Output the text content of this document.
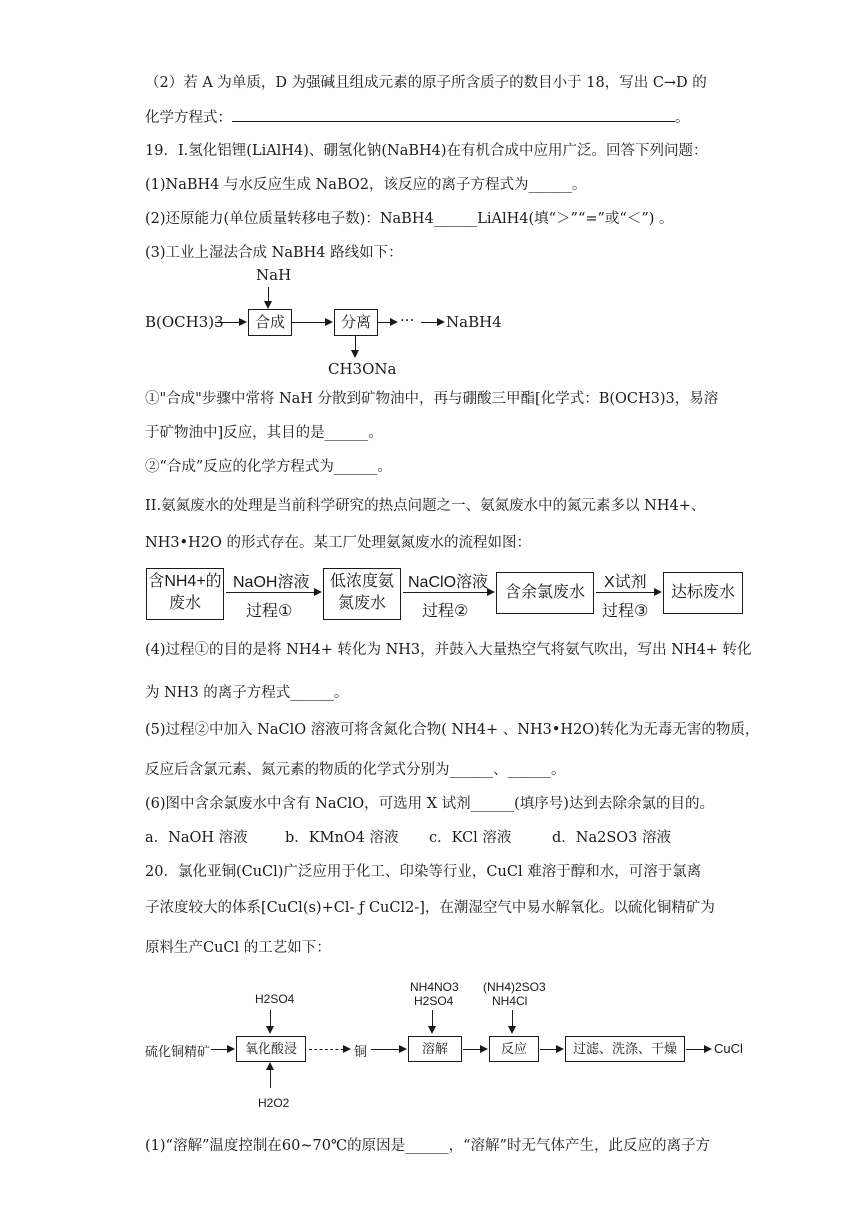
（2）若 A 为单质，D 为强碱且组成元素的原子所含质子的数目小于 18，写出 C→D 的
化学方程式：	。
19．I.氢化铝锂(LiAlH4)、硼氢化钠(NaBH4)在有机合成中应用广泛。回答下列问题：
(1)NaBH4 与水反应生成 NaBO2，该反应的离子方程式为______。
(2)还原能力(单位质量转移电子数)：NaBH4______LiAlH4(填“＞”“=”或“＜”) 。
(3)工业上湿法合成 NaBH4 路线如下：
NaH
B(OCH3)3	合成	分离	··· NaBH4
CH3ONa
①"合成"步骤中常将 NaH 分散到矿物油中，再与硼酸三甲酯[化学式：B(OCH3)3，易溶
于矿物油中]反应，其目的是______。
②“合成”反应的化学方程式为______。
II.氨氮废水的处理是当前科学研究的热点问题之一、氨氮废水中的氮元素多以 NH4+、
NH3•H2O 的形式存在。某工厂处理氨氮废水的流程如图：
含NH4+的
废水
NaOH溶液
过程①
低浓度氨
氮废水
NaClO溶液
过程②
含余氯废水
X试剂
过程③
达标废水
(4)过程①的目的是将 NH4+ 转化为 NH3，并鼓入大量热空气将氨气吹出，写出 NH4+ 转化
为 NH3 的离子方程式______。
(5)过程②中加入 NaClO 溶液可将含氮化合物( NH4+ 、NH3•H2O)转化为无毒无害的物质，
反应后含氯元素、氮元素的物质的化学式分别为______、______。
(6)图中含余氯废水中含有 NaClO，可选用 X 试剂______(填序号)达到去除余氯的目的。
a．NaOH 溶液	b．KMnO4 溶液 c．KCl 溶液	d．Na2SO3 溶液
20．氯化亚铜(CuCl)广泛应用于化工、印染等行业，CuCl 难溶于醇和水，可溶于氯离
子浓度较大的体系[CuCl(s)+Cl- ƒ CuCl2-]，在潮湿空气中易水解氧化。以硫化铜精矿为
原料生产CuCl 的工艺如下：
H2SO4
硫化铜精矿	氧化酸浸
H2O2
铜
NH4NO3
H2SO4
溶解
(NH4)2SO3
NH4Cl
反应	过滤、洗涤、干燥	CuCl
(1)“溶解”温度控制在60~70℃的原因是______，“溶解”时无气体产生，此反应的离子方
